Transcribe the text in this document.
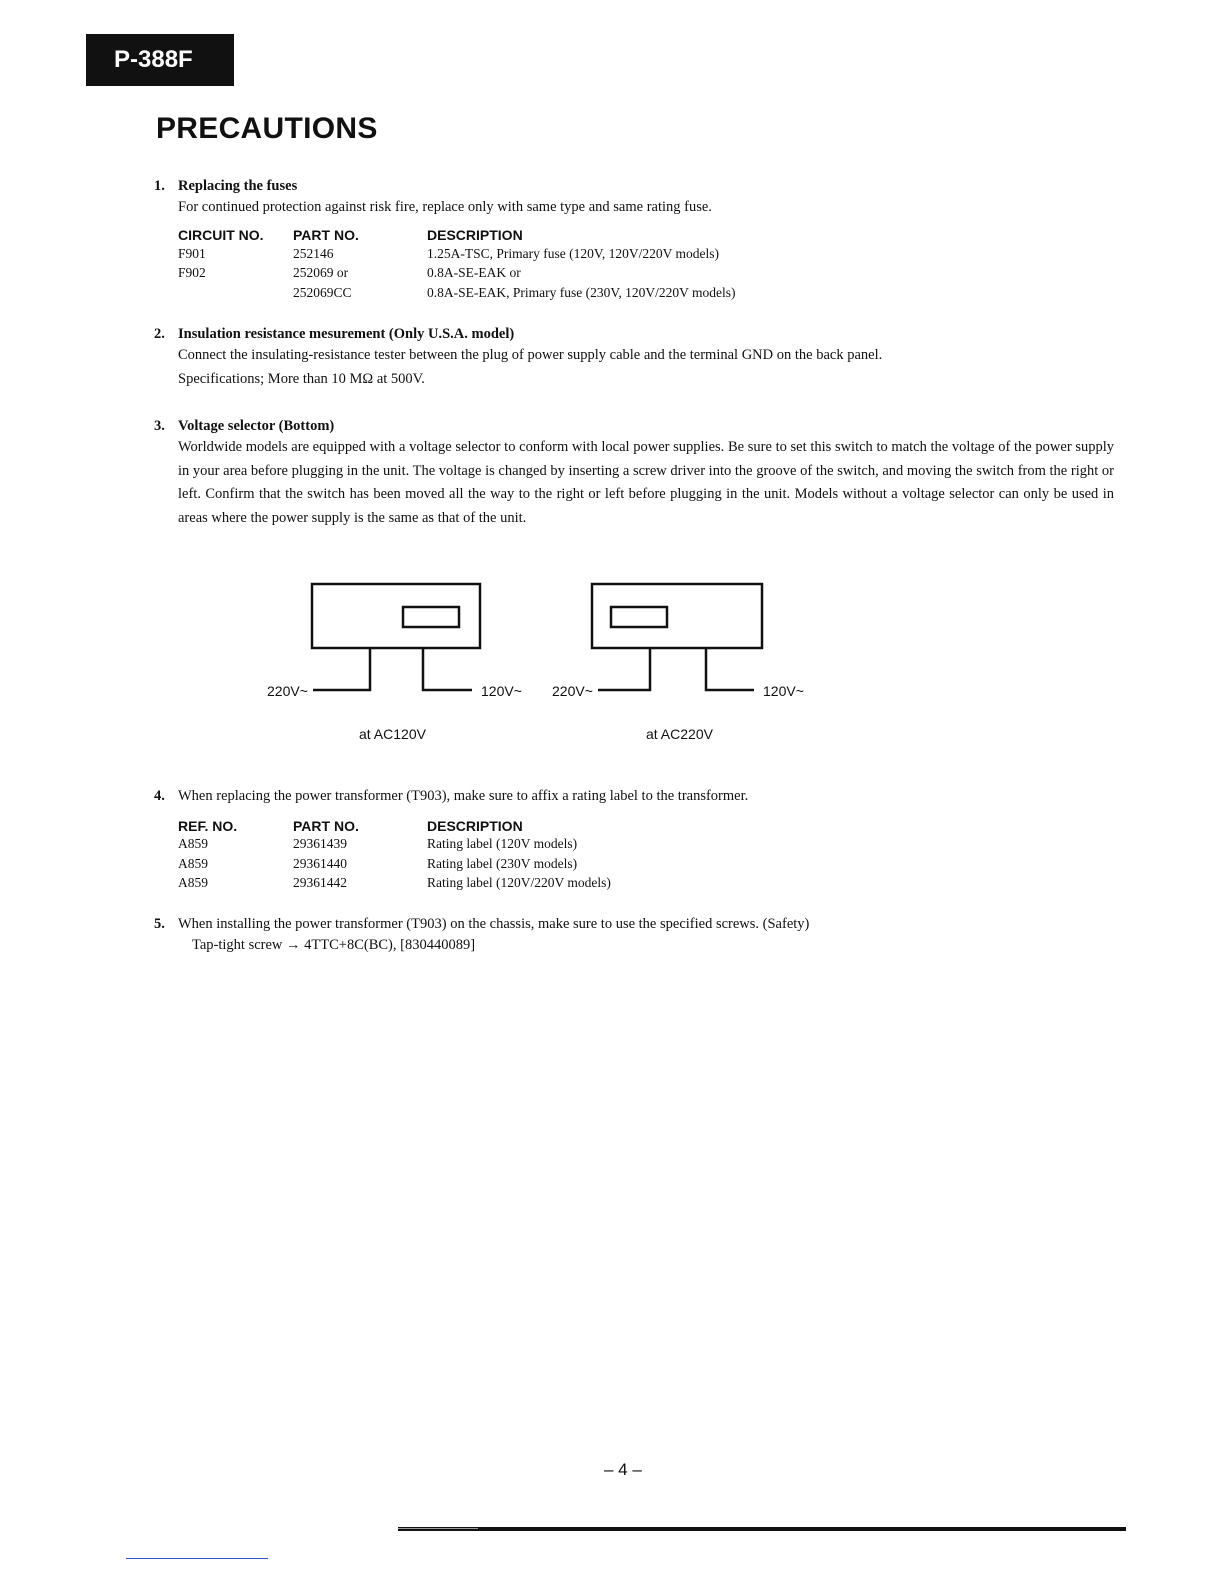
P-388F
PRECAUTIONS
1. Replacing the fuses
For continued protection against risk fire, replace only with same type and same rating fuse.
CIRCUIT NO.	PART NO.	DESCRIPTION
F901	252146	1.25A-TSC, Primary fuse (120V, 120V/220V models)
F902	252069 or	0.8A-SE-EAK or
	252069CC	0.8A-SE-EAK, Primary fuse (230V, 120V/220V models)
2. Insulation resistance mesurement (Only U.S.A. model)
Connect the insulating-resistance tester between the plug of power supply cable and the terminal GND on the back panel.
Specifications; More than 10 MΩ at 500V.
3. Voltage selector (Bottom)
Worldwide models are equipped with a voltage selector to conform with local power supplies. Be sure to set this switch to match the voltage of the power supply in your area before plugging in the unit. The voltage is changed by inserting a screw driver into the groove of the switch, and moving the switch from the right or left. Confirm that the switch has been moved all the way to the right or left before plugging in the unit. Models without a voltage selector can only be used in areas where the power supply is the same as that of the unit.
220V~	120V~
at AC120V
220V~	120V~
at AC220V
4. When replacing the power transformer (T903), make sure to affix a rating label to the transformer.
REF. NO.	PART NO.	DESCRIPTION
A859	29361439	Rating label (120V models)
A859	29361440	Rating label (230V models)
A859	29361442	Rating label (120V/220V models)
5. When installing the power transformer (T903) on the chassis, make sure to use the specified screws. (Safety)
Tap-tight screw → 4TTC+8C(BC), [830440089]
– 4 –
